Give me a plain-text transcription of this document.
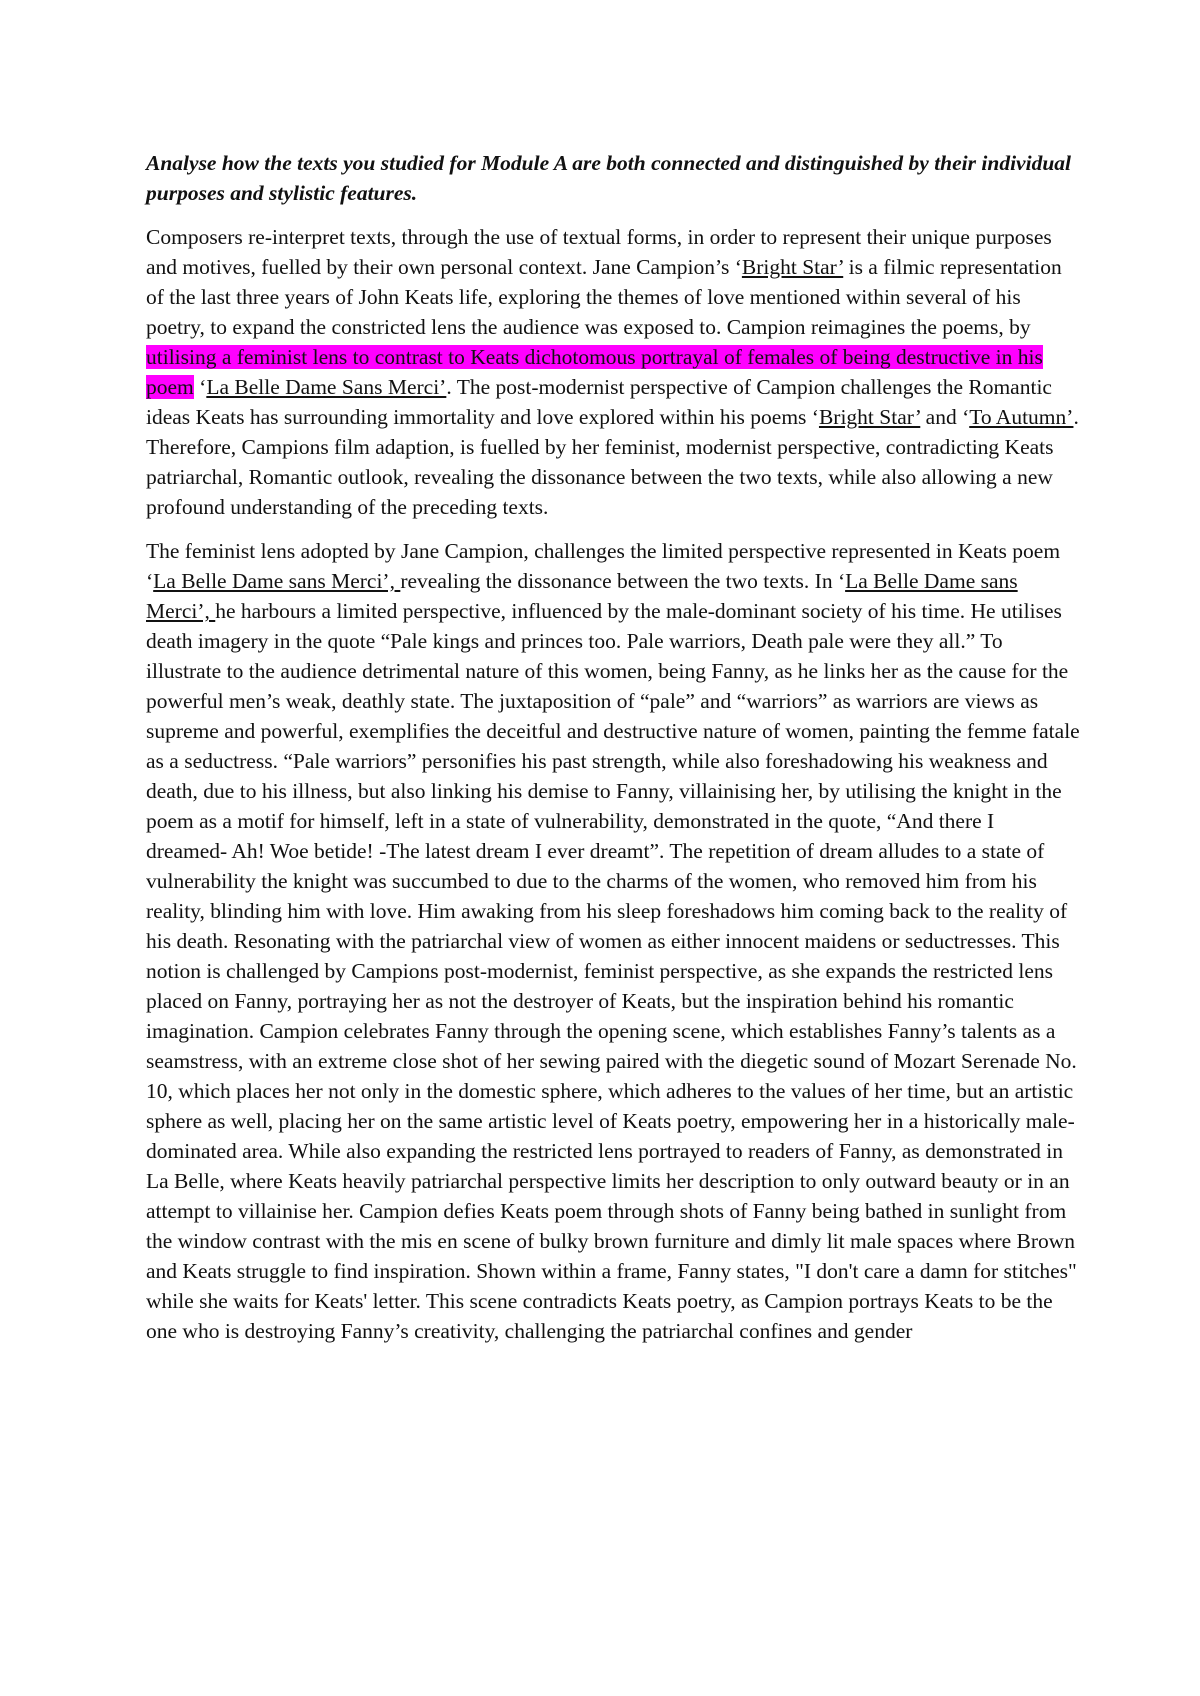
Analyse how the texts you studied for Module A are both connected and distinguished by their individual purposes and stylistic features.

Composers re-interpret texts, through the use of textual forms, in order to represent their unique purposes and motives, fuelled by their own personal context. Jane Campion’s ‘Bright Star’ is a filmic representation of the last three years of John Keats life, exploring the themes of love mentioned within several of his poetry, to expand the constricted lens the audience was exposed to. Campion reimagines the poems, by utilising a feminist lens to contrast to Keats dichotomous portrayal of females of being destructive in his poem ‘La Belle Dame Sans Merci’. The post-modernist perspective of Campion challenges the Romantic ideas Keats has surrounding immortality and love explored within his poems ‘Bright Star’ and ‘To Autumn’. Therefore, Campions film adaption, is fuelled by her feminist, modernist perspective, contradicting Keats patriarchal, Romantic outlook, revealing the dissonance between the two texts, while also allowing a new profound understanding of the preceding texts.

The feminist lens adopted by Jane Campion, challenges the limited perspective represented in Keats poem ‘La Belle Dame sans Merci’, revealing the dissonance between the two texts. In ‘La Belle Dame sans Merci’, he harbours a limited perspective, influenced by the male-dominant society of his time. He utilises death imagery in the quote “Pale kings and princes too. Pale warriors, Death pale were they all.” To illustrate to the audience detrimental nature of this women, being Fanny, as he links her as the cause for the powerful men’s weak, deathly state. The juxtaposition of “pale” and “warriors” as warriors are views as supreme and powerful, exemplifies the deceitful and destructive nature of women, painting the femme fatale as a seductress. “Pale warriors” personifies his past strength, while also foreshadowing his weakness and death, due to his illness, but also linking his demise to Fanny, villainising her, by utilising the knight in the poem as a motif for himself, left in a state of vulnerability, demonstrated in the quote, “And there I dreamed- Ah! Woe betide! -The latest dream I ever dreamt”. The repetition of dream alludes to a state of vulnerability the knight was succumbed to due to the charms of the women, who removed him from his reality, blinding him with love. Him awaking from his sleep foreshadows him coming back to the reality of his death. Resonating with the patriarchal view of women as either innocent maidens or seductresses. This notion is challenged by Campions post-modernist, feminist perspective, as she expands the restricted lens placed on Fanny, portraying her as not the destroyer of Keats, but the inspiration behind his romantic imagination. Campion celebrates Fanny through the opening scene, which establishes Fanny’s talents as a seamstress, with an extreme close shot of her sewing paired with the diegetic sound of Mozart Serenade No. 10, which places her not only in the domestic sphere, which adheres to the values of her time, but an artistic sphere as well, placing her on the same artistic level of Keats poetry, empowering her in a historically male-dominated area. While also expanding the restricted lens portrayed to readers of Fanny, as demonstrated in La Belle, where Keats heavily patriarchal perspective limits her description to only outward beauty or in an attempt to villainise her. Campion defies Keats poem through shots of Fanny being bathed in sunlight from the window contrast with the mis en scene of bulky brown furniture and dimly lit male spaces where Brown and Keats struggle to find inspiration. Shown within a frame, Fanny states, "I don't care a damn for stitches" while she waits for Keats' letter. This scene contradicts Keats poetry, as Campion portrays Keats to be the one who is destroying Fanny’s creativity, challenging the patriarchal confines and gender
